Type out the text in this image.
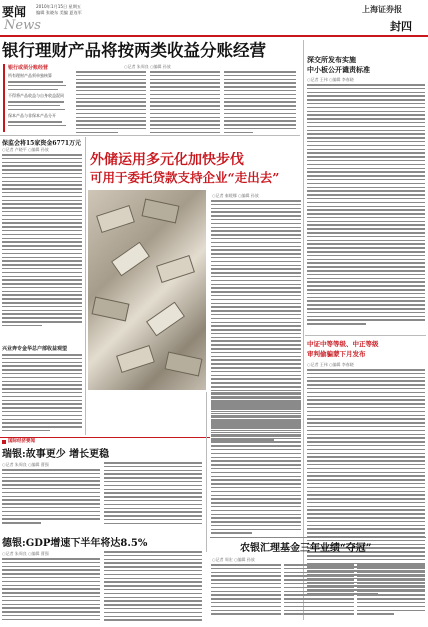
要闻
News
2010年1月15日 星期五
编辑 张晓东 美编 夏连军	上海证券报
封四
银行理财产品将按两类收益分账经营
○记者 朱周良 ○编辑 孙放
银行或须分账经营
所有理财产品须单独核算
不得将产品收益与自身收益混同
保本产品与非保本产品分开
保监会将15家资金6771万元
○记者 卢晓平 ○编辑 孙放
兴业奔专金华总户部收益观望
外储运用多元化加快步伐
可用于委托贷款支持企业“走出去”
○记者 秦媛娜 ○编辑 孙放
深交所发布实施
中小板公开谴责标准
○记者 王伟 ○编辑 李春晓
中证中等等级、中正等级
审判偷骗蒙下月发布
○记者 王伟 ○编辑 李春晓
国际经济要闻
瑞银:故事更少 增长更稳
○记者 朱周良 ○编辑 曹强
德银:GDP增速下半年将达8.5%
○记者 朱周良 ○编辑 曹强	农银汇理基金三年业绩“夺冠”
○记者 周宏 ○编辑 孙放
